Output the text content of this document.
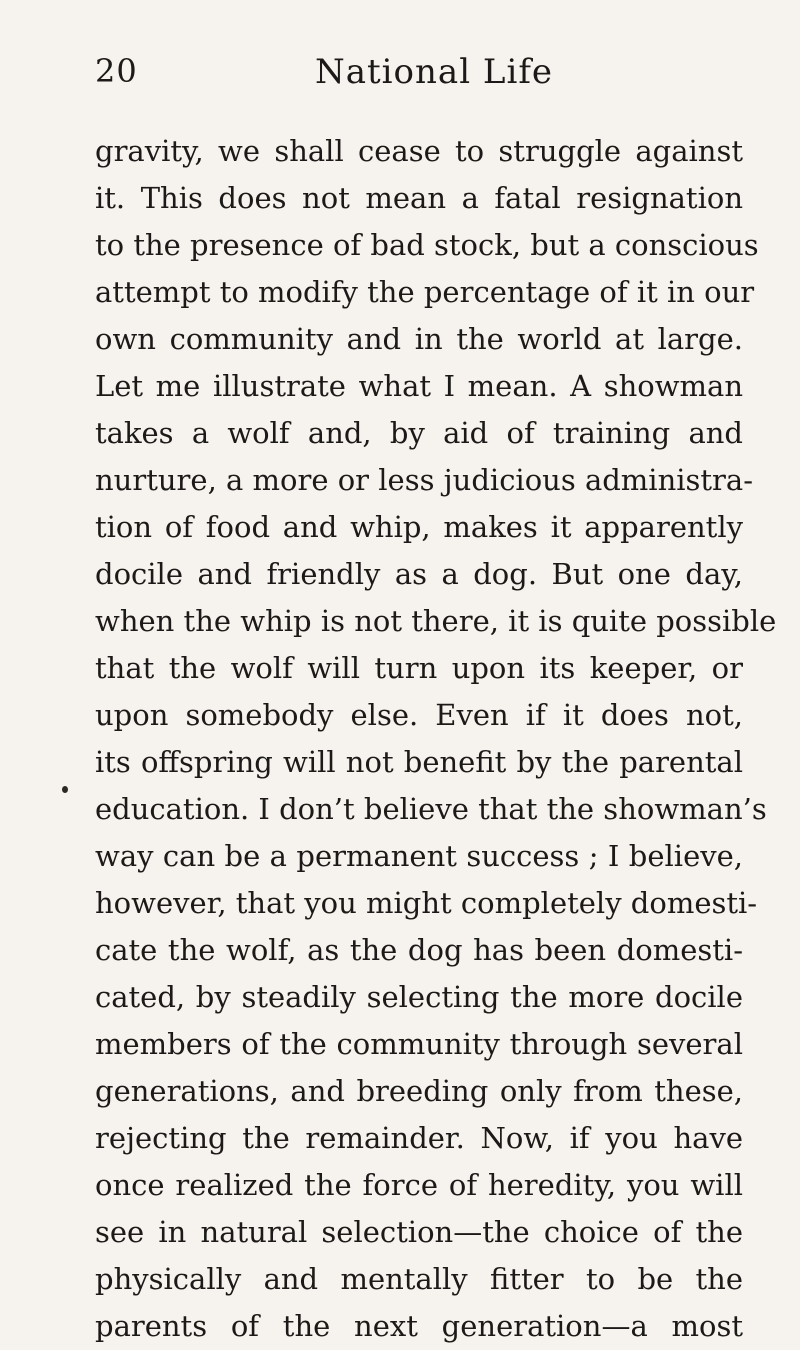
20	National Life
gravity, we shall cease to struggle against
it. This does not mean a fatal resignation
to the presence of bad stock, but a conscious
attempt to modify the percentage of it in our
own community and in the world at large.
Let me illustrate what I mean. A showman
takes a wolf and, by aid of training and
nurture, a more or less judicious administra-
tion of food and whip, makes it apparently
docile and friendly as a dog. But one day,
when the whip is not there, it is quite possible
that the wolf will turn upon its keeper, or
upon somebody else. Even if it does not,
its offspring will not benefit by the parental
education. I don’t believe that the showman’s
way can be a permanent success ; I believe,
however, that you might completely domesti-
cate the wolf, as the dog has been domesti-
cated, by steadily selecting the more docile
members of the community through several
generations, and breeding only from these,
rejecting the remainder. Now, if you have
once realized the force of heredity, you will
see in natural selection—the choice of the
physically and mentally fitter to be the
parents of the next generation—a most
